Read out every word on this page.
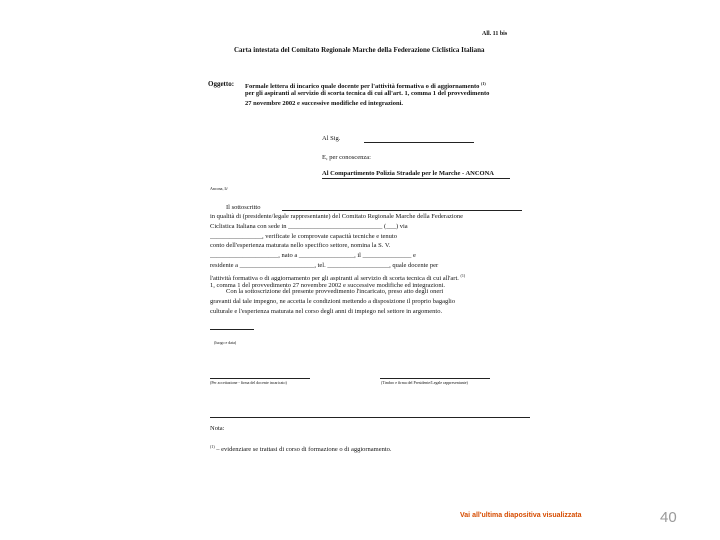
All. 11 bis
Carta intestata del Comitato Regionale Marche della Federazione Ciclistica Italiana
Oggetto: Formale lettera di incarico quale docente per l'attività formativa o di aggiornamento $^{(1)}$
per gli aspiranti al servizio di scorta tecnica di cui all'art. 1, comma 1 del provvedimento
27 novembre 2002 e successive modifiche ed integrazioni.
Al Sig.
E, per conoscenza:
Al Compartimento Polizia Stradale per le Marche - ANCONA
Ancona, lì/
Il sottoscritto
in qualità di (presidente/legale rappresentante) del Comitato Regionale Marche della Federazione
Ciclistica Italiana con sede in _____________________________ (___) via
________________, verificate le comprovate capacità tecniche e tenuto
conto dell'esperienza maturata nello specifico settore, nomina la S. V.
_____________________, nato a _________________, il _______________ e
residente a _______________________, tel. ___________________, quale docente per
l'attività formativa o di aggiornamento per gli aspiranti al servizio di scorta tecnica di cui all'art. $^{(1)}$
1, comma 1 del provvedimento 27 novembre 2002 e successive modifiche ed integrazioni.
Con la sottoscrizione del presente provvedimento l'incaricato, preso atto degli oneri
gravanti dal tale impegno, ne accetta le condizioni mettendo a disposizione il proprio bagaglio
culturale e l'esperienza maturata nel corso degli anni di impiego nel settore in argomento.
(luogo e data)
(Per accettazione - firma del docente incaricato)	(Timbro e firma del Presidente/Legale rappresentante)
Nota:
$^{(1)}$ – evidenziare se trattasi di corso di formazione o di aggiornamento.
Vai all'ultima diapositiva visualizzata	40
